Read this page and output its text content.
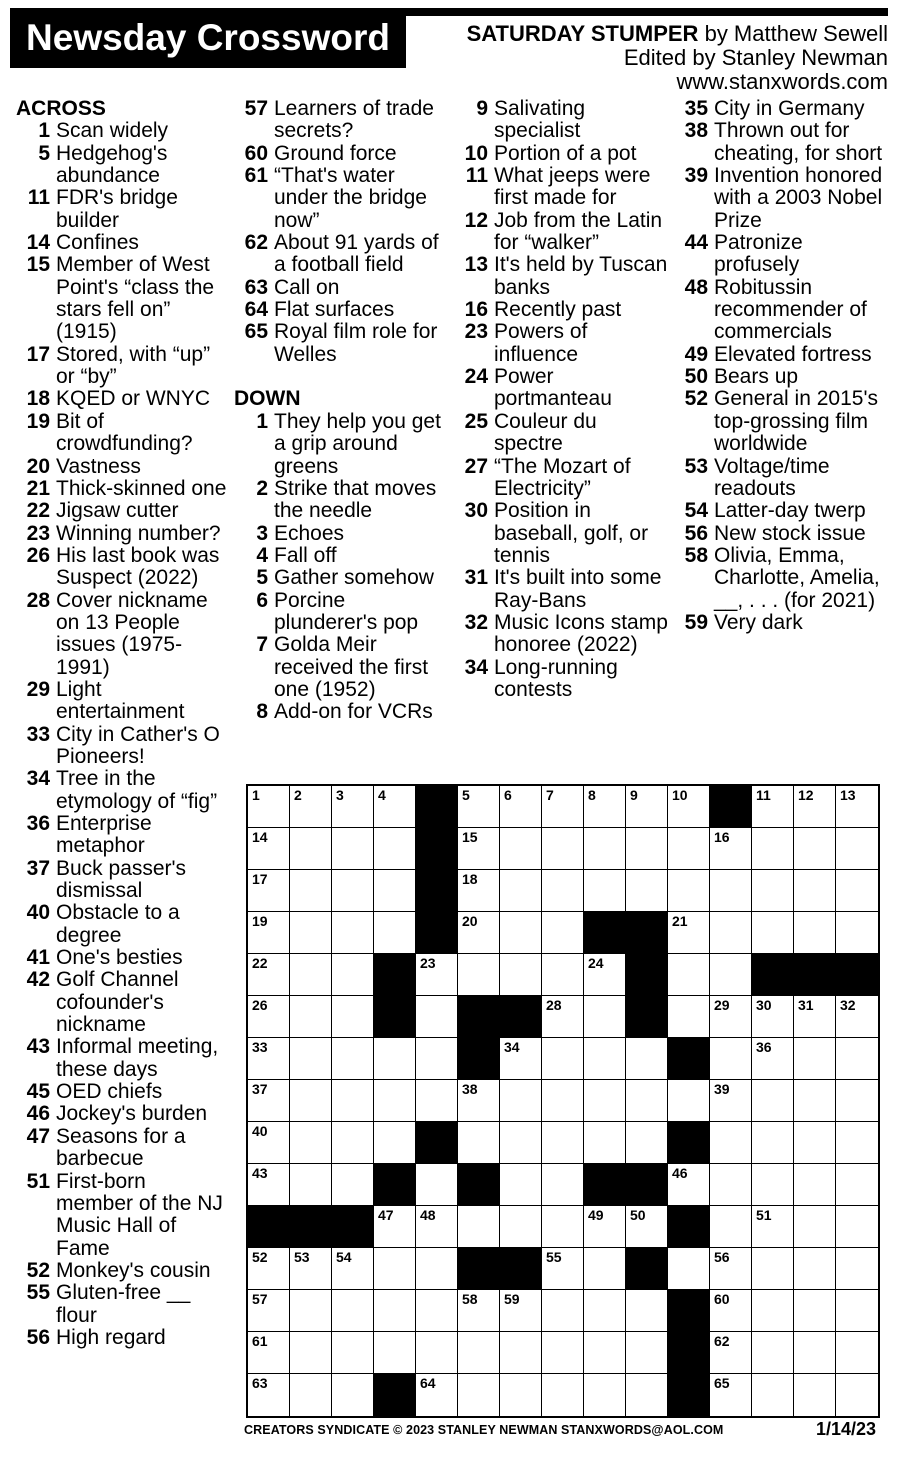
Newsday Crossword	SATURDAY STUMPER by Matthew Sewell
Edited by Stanley Newman
www.stanxwords.com
ACROSS
1 Scan widely
5 Hedgehog's abundance
11 FDR's bridge builder
14 Confines
15 Member of West Point's “class the stars fell on” (1915)
17 Stored, with “up” or “by”
18 KQED or WNYC
19 Bit of crowdfunding?
20 Vastness
21 Thick-skinned one
22 Jigsaw cutter
23 Winning number?
26 His last book was Suspect (2022)
28 Cover nickname on 13 People issues (1975-1991)
29 Light entertainment
33 City in Cather's O Pioneers!
34 Tree in the etymology of “fig”
36 Enterprise metaphor
37 Buck passer's dismissal
40 Obstacle to a degree
41 One's besties
42 Golf Channel cofounder's nickname
43 Informal meeting, these days
45 OED chiefs
46 Jockey's burden
47 Seasons for a barbecue
51 First-born member of the NJ Music Hall of Fame
52 Monkey's cousin
55 Gluten-free __ flour
56 High regard
57 Learners of trade secrets?
60 Ground force
61 “That's water under the bridge now”
62 About 91 yards of a football field
63 Call on
64 Flat surfaces
65 Royal film role for Welles
DOWN
1 They help you get a grip around greens
2 Strike that moves the needle
3 Echoes
4 Fall off
5 Gather somehow
6 Porcine plunderer's pop
7 Golda Meir received the first one (1952)
8 Add-on for VCRs
9 Salivating specialist
10 Portion of a pot
11 What jeeps were first made for
12 Job from the Latin for “walker”
13 It's held by Tuscan banks
16 Recently past
23 Powers of influence
24 Power portmanteau
25 Couleur du spectre
27 “The Mozart of Electricity”
30 Position in baseball, golf, or tennis
31 It's built into some Ray-Bans
32 Music Icons stamp honoree (2022)
34 Long-running contests
35 City in Germany
38 Thrown out for cheating, for short
39 Invention honored with a 2003 Nobel Prize
44 Patronize profusely
48 Robitussin recommender of commercials
49 Elevated fortress
50 Bears up
52 General in 2015's top-grossing film worldwide
53 Voltage/time readouts
54 Latter-day twerp
56 New stock issue
58 Olivia, Emma, Charlotte, Amelia, __, . . . (for 2021)
59 Very dark
1 2 3 4	5 6 7 8 9 10	11 12 13
14	15	16
17	18
19	20	21
22	23	24
26	28	29 30 31 32
33	34	36
37	38	39
40
43	46
47 48	49 50	51
52 53 54	55	56
57	58 59	60
61	62
63	64	65
CREATORS SYNDICATE © 2023 STANLEY NEWMAN STANXWORDS@AOL.COM	1/14/23
